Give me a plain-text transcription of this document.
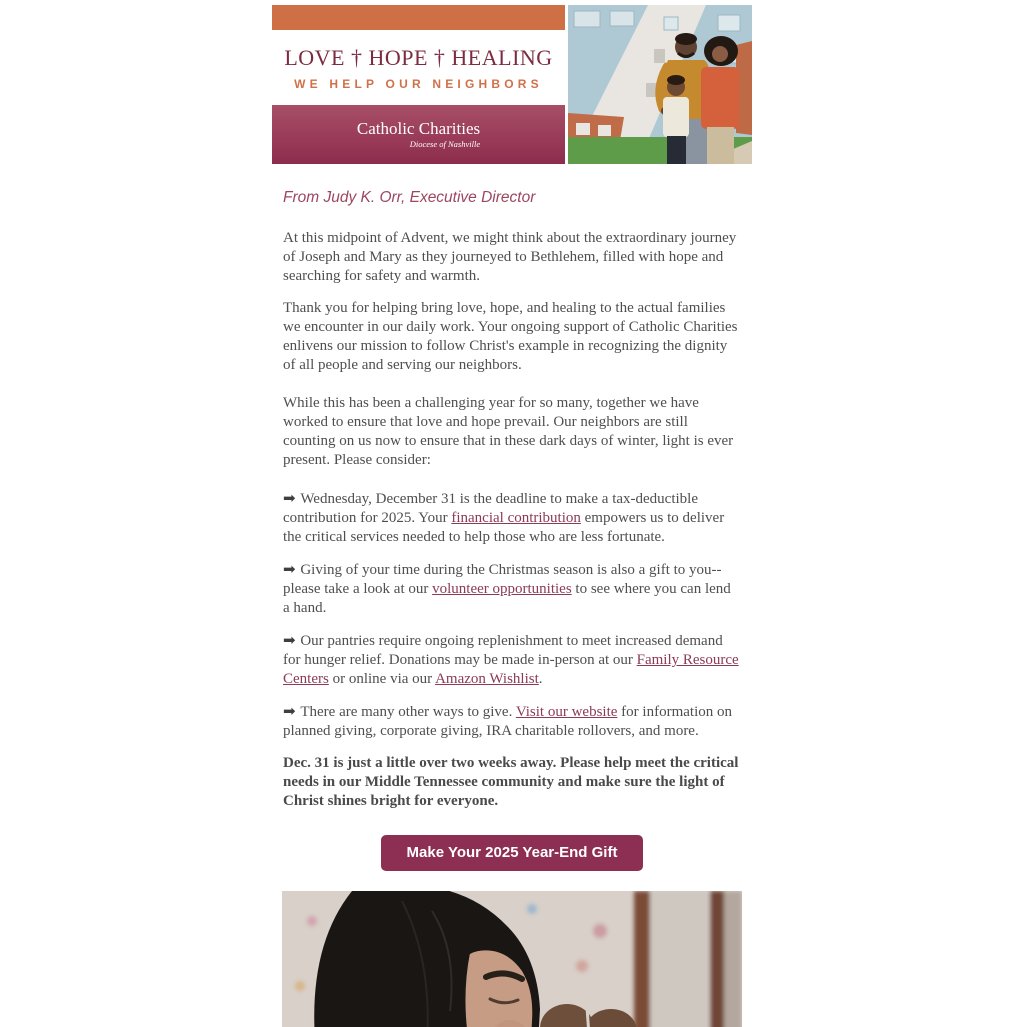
LOVE † HOPE † HEALING
WE HELP OUR NEIGHBORS
Catholic Charities
Diocese of Nashville

From Judy K. Orr, Executive Director

At this midpoint of Advent, we might think about the extraordinary journey of Joseph and Mary as they journeyed to Bethlehem, filled with hope and searching for safety and warmth.

Thank you for helping bring love, hope, and healing to the actual families we encounter in our daily work. Your ongoing support of Catholic Charities enlivens our mission to follow Christ's example in recognizing the dignity of all people and serving our neighbors.

While this has been a challenging year for so many, together we have worked to ensure that love and hope prevail. Our neighbors are still counting on us now to ensure that in these dark days of winter, light is ever present. Please consider:

➡ Wednesday, December 31 is the deadline to make a tax-deductible contribution for 2025. Your financial contribution empowers us to deliver the critical services needed to help those who are less fortunate.

➡ Giving of your time during the Christmas season is also a gift to you--please take a look at our volunteer opportunities to see where you can lend a hand.

➡ Our pantries require ongoing replenishment to meet increased demand for hunger relief. Donations may be made in-person at our Family Resource Centers or online via our Amazon Wishlist.

➡ There are many other ways to give. Visit our website for information on planned giving, corporate giving, IRA charitable rollovers, and more.

Dec. 31 is just a little over two weeks away. Please help meet the critical needs in our Middle Tennessee community and make sure the light of Christ shines bright for everyone.

Make Your 2025 Year-End Gift
